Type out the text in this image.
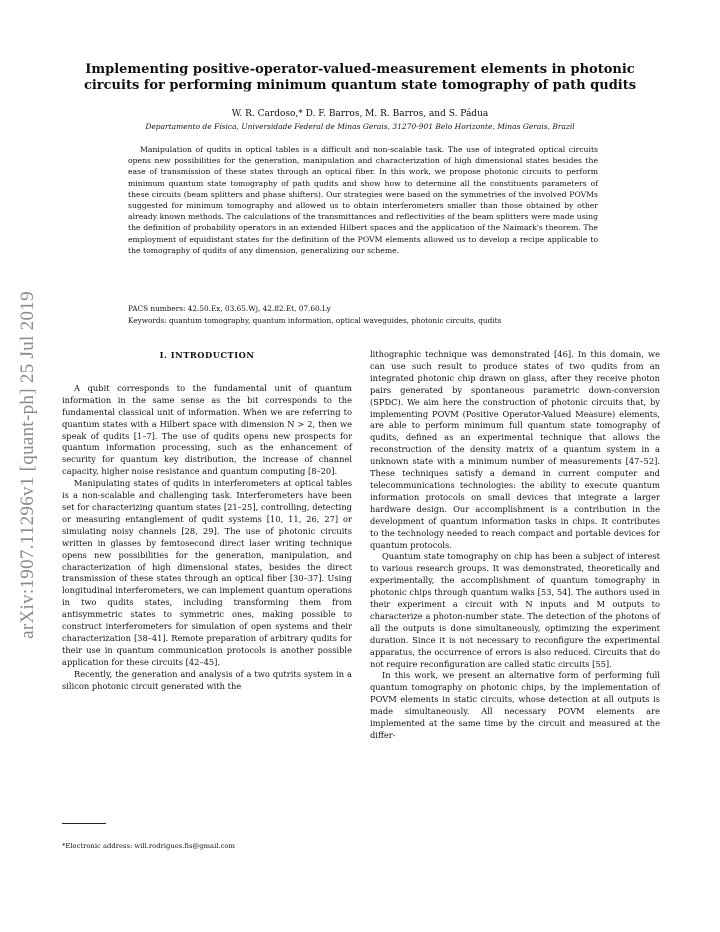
arXiv:1907.11296v1 [quant-ph] 25 Jul 2019
Implementing positive-operator-valued-measurement elements in photonic circuits for performing minimum quantum state tomography of path qudits
W. R. Cardoso,* D. F. Barros, M. R. Barros, and S. Pádua
Departamento de Física, Universidade Federal de Minas Gerais, 31270-901 Belo Horizonte, Minas Gerais, Brazil

Manipulation of qudits in optical tables is a difficult and non-scalable task. The use of integrated optical circuits opens new possibilities for the generation, manipulation and characterization of high dimensional states besides the ease of transmission of these states through an optical fiber. In this work, we propose photonic circuits to perform minimum quantum state tomography of path qudits and show how to determine all the constituents parameters of these circuits (beam splitters and phase shifters). Our strategies were based on the symmetries of the involved POVMs suggested for minimum tomography and allowed us to obtain interferometers smaller than those obtained by other already known methods. The calculations of the transmittances and reflectivities of the beam splitters were made using the definition of probability operators in an extended Hilbert spaces and the application of the Naimark's theorem. The employment of equidistant states for the definition of the POVM elements allowed us to develop a recipe applicable to the tomography of qudits of any dimension, generalizing our scheme.

PACS numbers: 42.50.Ex, 03.65.Wj, 42.82.Et, 07.60.Ly
Keywords: quantum tomography, quantum information, optical waveguides, photonic circuits, qudits
I. INTRODUCTION

A qubit corresponds to the fundamental unit of quantum information in the same sense as the bit corresponds to the fundamental classical unit of information. When we are referring to quantum states with a Hilbert space with dimension N > 2, then we speak of qudits [1–7]. The use of qudits opens new prospects for quantum information processing, such as the enhancement of security for quantum key distribution, the increase of channel capacity, higher noise resistance and quantum computing [8–20].

Manipulating states of qudits in interferometers at optical tables is a non-scalable and challenging task. Interferometers have been set for characterizing quantum states [21–25], controlling, detecting or measuring entanglement of qudit systems [10, 11, 26, 27] or simulating noisy channels [28, 29]. The use of photonic circuits written in glasses by femtosecond direct laser writing technique opens new possibilities for the generation, manipulation, and characterization of high dimensional states, besides the direct transmission of these states through an optical fiber [30–37]. Using longitudinal interferometers, we can implement quantum operations in two qudits states, including transforming them from antisymmetric states to symmetric ones, making possible to construct interferometers for simulation of open systems and their characterization [38–41]. Remote preparation of arbitrary qudits for their use in quantum communication protocols is another possible application for these circuits [42–45].

Recently, the generation and analysis of a two qutrits system in a silicon photonic circuit generated with the

lithographic technique was demonstrated [46]. In this domain, we can use such result to produce states of two qudits from an integrated photonic chip drawn on glass, after they receive photon pairs generated by spontaneous parametric down-conversion (SPDC). We aim here the construction of photonic circuits that, by implementing POVM (Positive Operator-Valued Measure) elements, are able to perform minimum full quantum state tomography of qudits, defined as an experimental technique that allows the reconstruction of the density matrix of a quantum system in a unknown state with a minimum number of measurements [47–52]. These techniques satisfy a demand in current computer and telecommunications technologies: the ability to execute quantum information protocols on small devices that integrate a larger hardware design. Our accomplishment is a contribution in the development of quantum information tasks in chips. It contributes to the technology needed to reach compact and portable devices for quantum protocols.

Quantum state tomography on chip has been a subject of interest to various research groups. It was demonstrated, theoretically and experimentally, the accomplishment of quantum tomography in photonic chips through quantum walks [53, 54]. The authors used in their experiment a circuit with N inputs and M outputs to characterize a photon-number state. The detection of the photons of all the outputs is done simultaneously, optimizing the experiment duration. Since it is not necessary to reconfigure the experimental apparatus, the occurrence of errors is also reduced. Circuits that do not require reconfiguration are called static circuits [55].

In this work, we present an alternative form of performing full quantum tomography on photonic chips, by the implementation of POVM elements in static circuits, whose detection at all outputs is made simultaneously. All necessary POVM elements are implemented at the same time by the circuit and measured at the differ-

*Electronic address: will.rodrigues.fis@gmail.com
